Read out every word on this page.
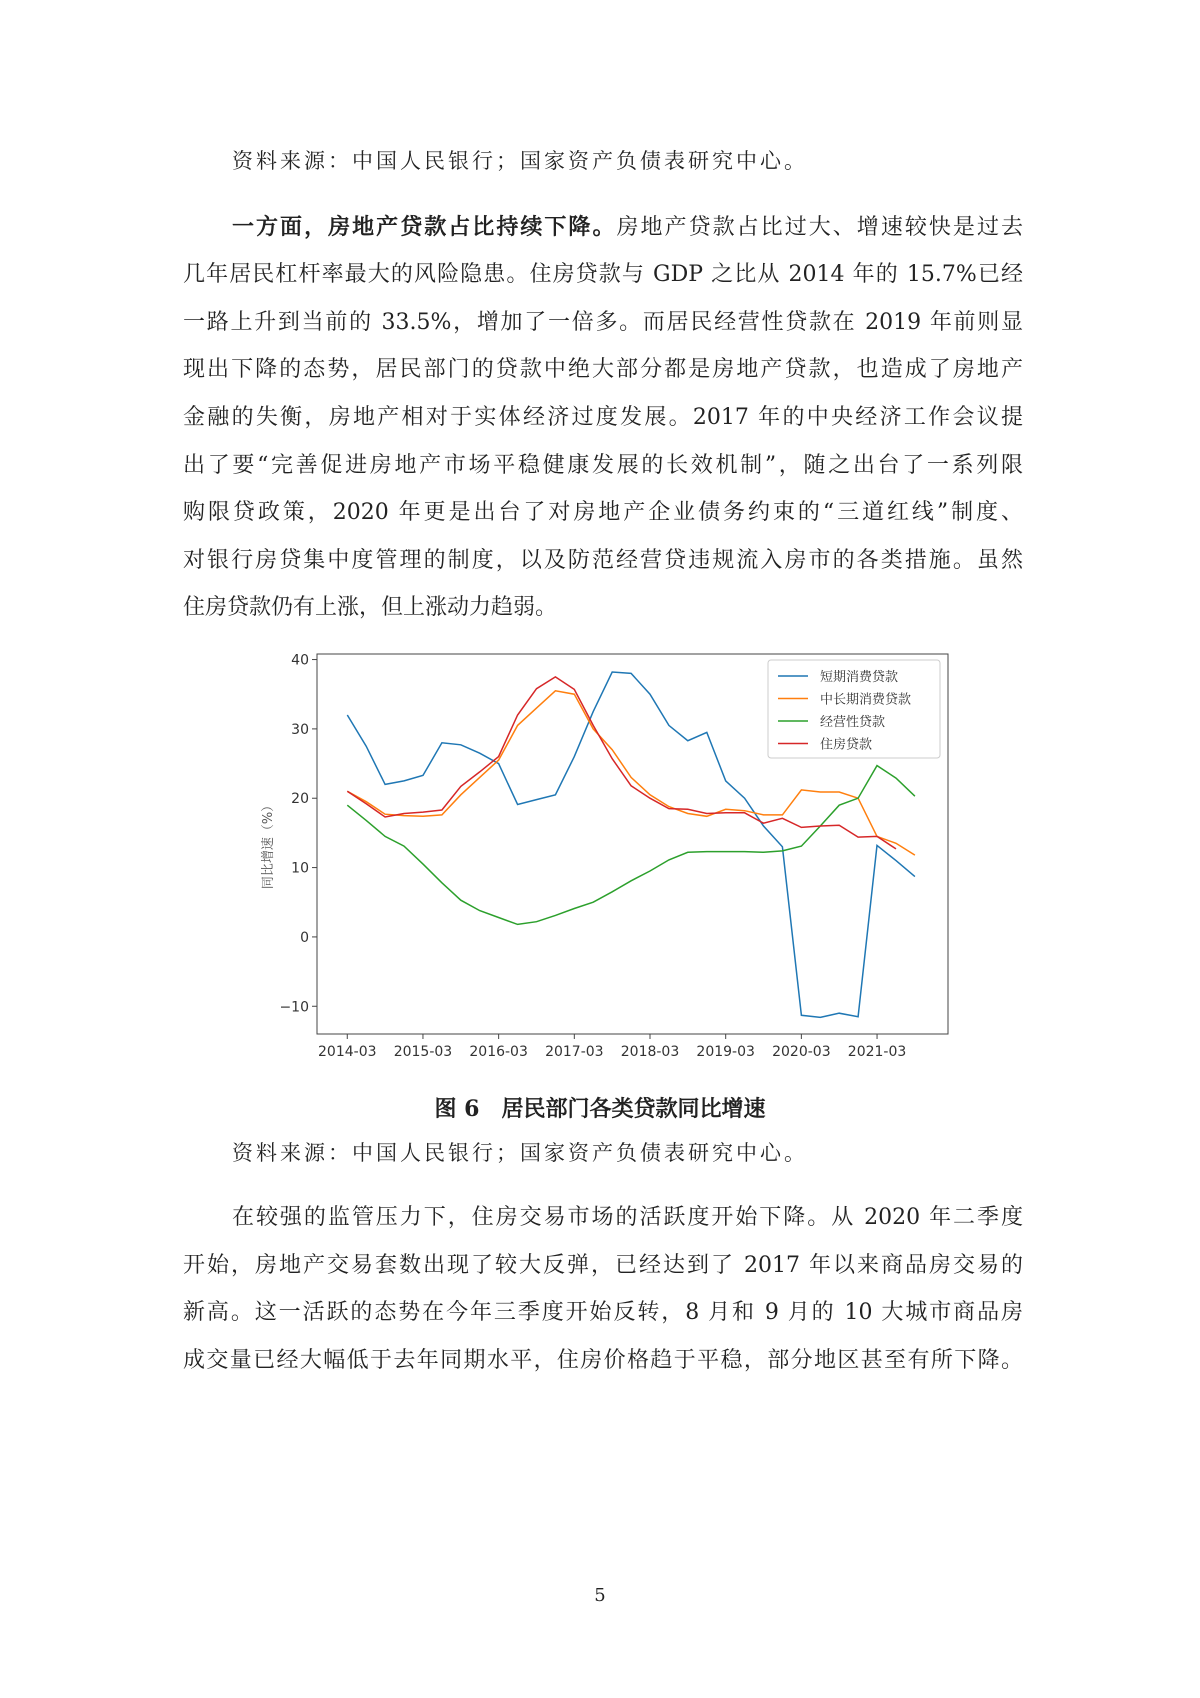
资料来源：中国人民银行；国家资产负债表研究中心。
一方面，房地产贷款占比持续下降。房地产贷款占比过大、增速较快是过去
几年居民杠杆率最大的风险隐患。住房贷款与 GDP 之比从 2014 年的 15.7%已经
一路上升到当前的 33.5%，增加了一倍多。而居民经营性贷款在 2019 年前则显
现出下降的态势，居民部门的贷款中绝大部分都是房地产贷款，也造成了房地产
金融的失衡，房地产相对于实体经济过度发展。2017 年的中央经济工作会议提
出了要“完善促进房地产市场平稳健康发展的长效机制”，随之出台了一系列限
购限贷政策，2020 年更是出台了对房地产企业债务约束的“三道红线”制度、
对银行房贷集中度管理的制度，以及防范经营贷违规流入房市的各类措施。虽然
住房贷款仍有上涨，但上涨动力趋弱。
40
30
20
10
0
−10
2014-03 2015-03 2016-03 2017-03 2018-03 2019-03 2020-03 2021-03
同比增速（%）
短期消费贷款
中长期消费贷款
经营性贷款
住房贷款
图 6　居民部门各类贷款同比增速
资料来源：中国人民银行；国家资产负债表研究中心。
在较强的监管压力下，住房交易市场的活跃度开始下降。从 2020 年二季度
开始，房地产交易套数出现了较大反弹，已经达到了 2017 年以来商品房交易的
新高。这一活跃的态势在今年三季度开始反转，8 月和 9 月的 10 大城市商品房
成交量已经大幅低于去年同期水平，住房价格趋于平稳，部分地区甚至有所下降。
5
